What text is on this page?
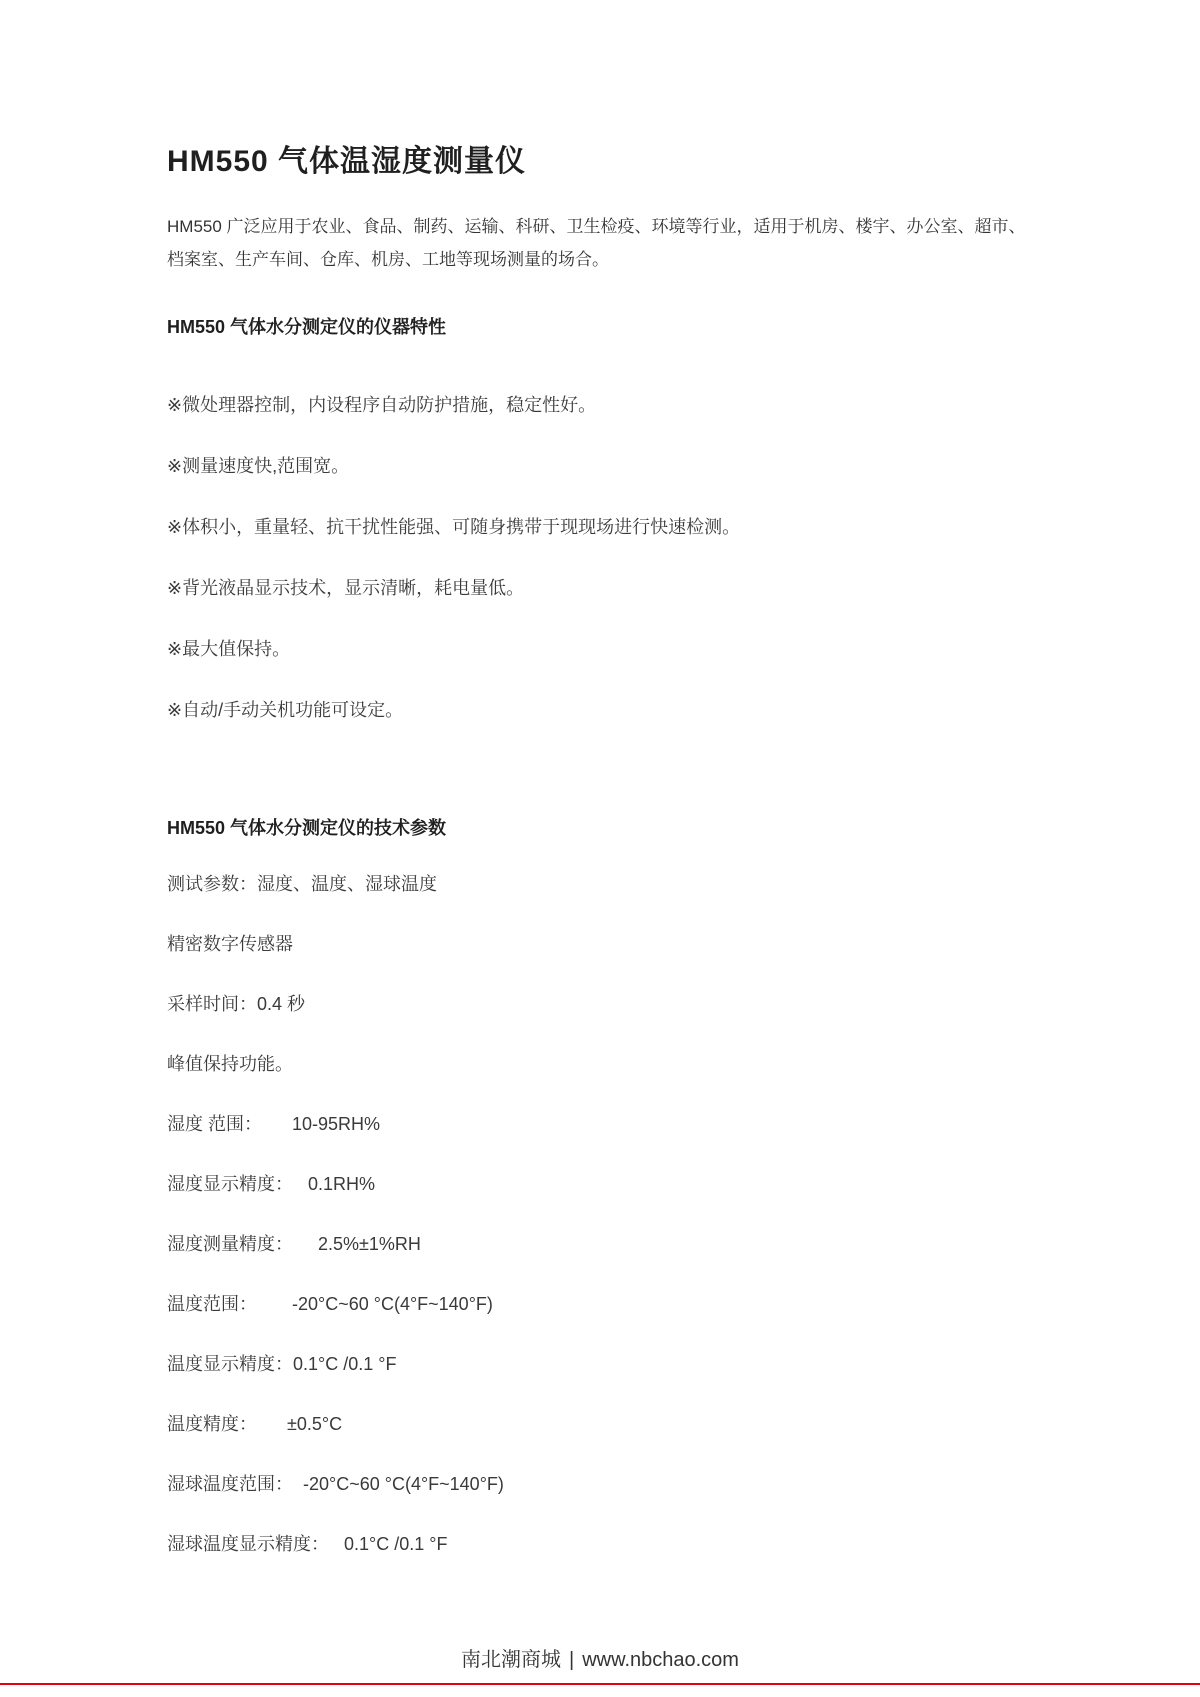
HM550 气体温湿度测量仪

HM550 广泛应用于农业、食品、制药、运输、科研、卫生检疫、环境等行业，适用于机房、楼宇、办公室、超市、档案室、生产车间、仓库、机房、工地等现场测量的场合。

HM550 气体水分测定仪的仪器特性

※微处理器控制，内设程序自动防护措施，稳定性好。

※测量速度快,范围宽。

※体积小，重量轻、抗干扰性能强、可随身携带于现现场进行快速检测。

※背光液晶显示技术，显示清晰，耗电量低。

※最大值保持。

※自动/手动关机功能可设定。

HM550 气体水分测定仪的技术参数

测试参数：湿度、温度、湿球温度

精密数字传感器

采样时间：0.4 秒

峰值保持功能。

湿度 范围：      10-95RH%

湿度显示精度：   0.1RH%

湿度测量精度：     2.5%±1%RH

温度范围：       -20°C~60 °C(4°F~140°F)

温度显示精度：0.1°C /0.1 °F

温度精度：      ±0.5°C

湿球温度范围：  -20°C~60 °C(4°F~140°F)

湿球温度显示精度：   0.1°C /0.1 °F

南北潮商城 | www.nbchao.com
